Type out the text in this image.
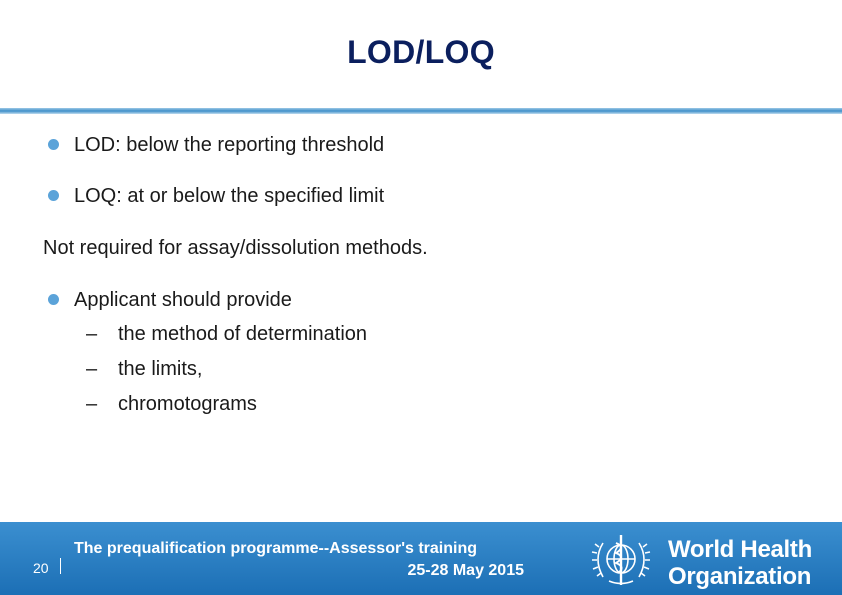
LOD/LOQ
LOD: below the reporting threshold
LOQ: at or below the specified limit
Not required for assay/dissolution methods.
Applicant should provide
– the method of determination
– the limits,
– chromotograms
20
The prequalification programme--Assessor's training
25-28 May 2015
World Health
Organization
